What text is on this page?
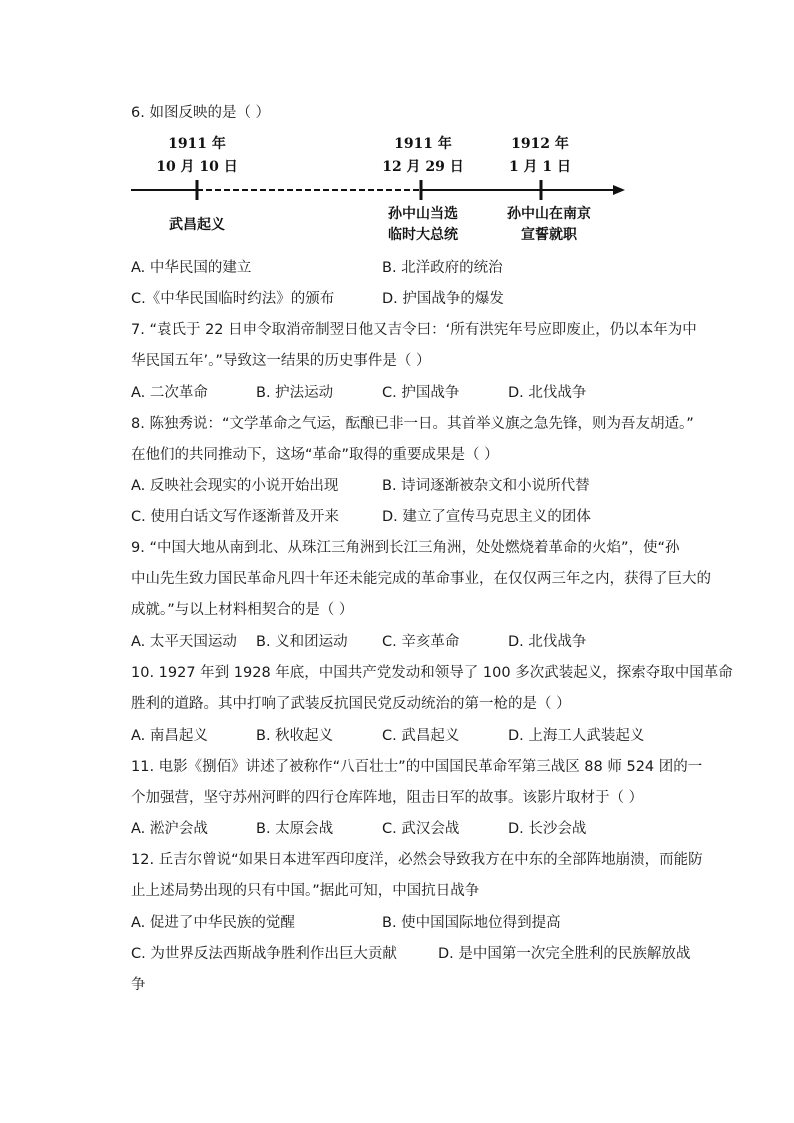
6. 如图反映的是（ ）
1911 年
10 月 10 日
武昌起义
1911 年
12 月 29 日
孙中山当选
临时大总统
1912 年
1 月 1 日
孙中山在南京
宣誓就职
A. 中华民国的建立	B. 北洋政府的统治
C.《中华民国临时约法》的颁布	D. 护国战争的爆发
7. “袁氏于 22 日申令取消帝制翌日他又吉令曰：‘所有洪宪年号应即废止，仍以本年为中
华民国五年’。”导致这一结果的历史事件是（ ）
A. 二次革命	B. 护法运动	C. 护国战争	D. 北伐战争
8. 陈独秀说：“文学革命之气运，酝酿已非一日。其首举义旗之急先锋，则为吾友胡适。”
在他们的共同推动下，这场“革命”取得的重要成果是（ ）
A. 反映社会现实的小说开始出现	B. 诗词逐渐被杂文和小说所代替
C. 使用白话文写作逐渐普及开来	D. 建立了宣传马克思主义的团体
9. “中国大地从南到北、从珠江三角洲到长江三角洲，处处燃烧着革命的火焰”，使“孙
中山先生致力国民革命凡四十年还未能完成的革命事业，在仅仅两三年之内，获得了巨大的
成就。”与以上材料相契合的是（ ）
A. 太平天国运动 B. 义和团运动 C. 辛亥革命	D. 北伐战争
10. 1927 年到 1928 年底，中国共产党发动和领导了 100 多次武装起义，探索夺取中国革命
胜利的道路。其中打响了武装反抗国民党反动统治的第一枪的是（ ）
A. 南昌起义	B. 秋收起义	C. 武昌起义	D. 上海工人武装起义
11. 电影《捌佰》讲述了被称作“八百壮士”的中国国民革命军第三战区 88 师 524 团的一
个加强营，坚守苏州河畔的四行仓库阵地，阻击日军的故事。该影片取材于（ ）
A. 淞沪会战	B. 太原会战	C. 武汉会战	D. 长沙会战
12. 丘吉尔曾说“如果日本进军西印度洋，必然会导致我方在中东的全部阵地崩溃，而能防
止上述局势出现的只有中国。”据此可知，中国抗日战争
A. 促进了中华民族的觉醒	B. 使中国国际地位得到提高
C. 为世界反法西斯战争胜利作出巨大贡献	D. 是中国第一次完全胜利的民族解放战
争
